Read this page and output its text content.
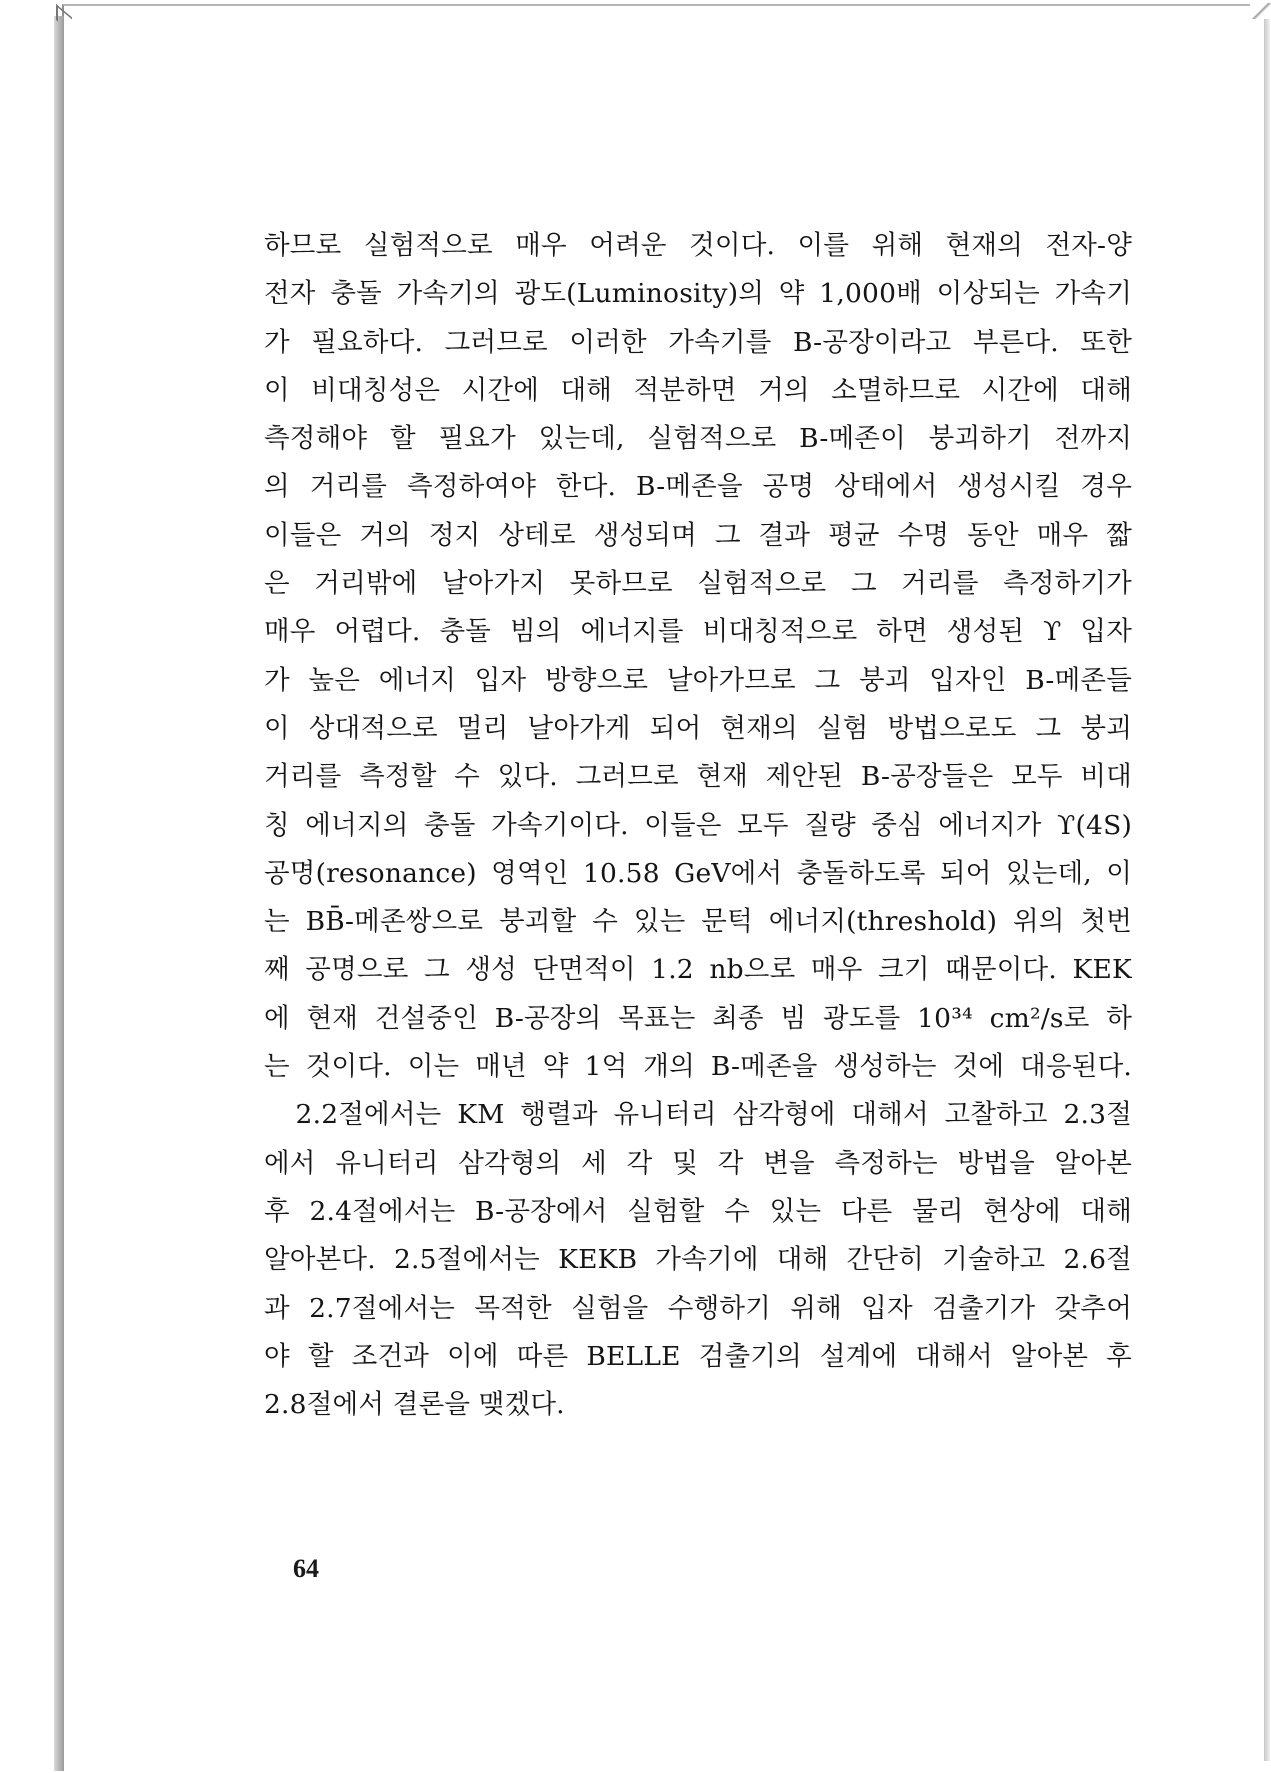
하므로 실험적으로 매우 어려운 것이다. 이를 위해 현재의 전자-양
전자 충돌 가속기의 광도(Luminosity)의 약 1,000배 이상되는 가속기
가 필요하다. 그러므로 이러한 가속기를 B-공장이라고 부른다. 또한
이 비대칭성은 시간에 대해 적분하면 거의 소멸하므로 시간에 대해
측정해야 할 필요가 있는데, 실험적으로 B-메존이 붕괴하기 전까지
의 거리를 측정하여야 한다. B-메존을 공명 상태에서 생성시킬 경우
이들은 거의 정지 상테로 생성되며 그 결과 평균 수명 동안 매우 짧
은 거리밖에 날아가지 못하므로 실험적으로 그 거리를 측정하기가
매우 어렵다. 충돌 빔의 에너지를 비대칭적으로 하면 생성된 ϒ 입자
가 높은 에너지 입자 방향으로 날아가므로 그 붕괴 입자인 B-메존들
이 상대적으로 멀리 날아가게 되어 현재의 실험 방법으로도 그 붕괴
거리를 측정할 수 있다. 그러므로 현재 제안된 B-공장들은 모두 비대
칭 에너지의 충돌 가속기이다. 이들은 모두 질량 중심 에너지가 ϒ(4S)
공명(resonance) 영역인 10.58 GeV에서 충돌하도록 되어 있는데, 이
는 BB̄-메존쌍으로 붕괴할 수 있는 문턱 에너지(threshold) 위의 첫번
째 공명으로 그 생성 단면적이 1.2 nb으로 매우 크기 때문이다. KEK
에 현재 건설중인 B-공장의 목표는 최종 빔 광도를 10³⁴ cm²/s로 하
는 것이다. 이는 매년 약 1억 개의 B-메존을 생성하는 것에 대응된다.
2.2절에서는 KM 행렬과 유니터리 삼각형에 대해서 고찰하고 2.3절
에서 유니터리 삼각형의 세 각 및 각 변을 측정하는 방법을 알아본
후 2.4절에서는 B-공장에서 실험할 수 있는 다른 물리 현상에 대해
알아본다. 2.5절에서는 KEKB 가속기에 대해 간단히 기술하고 2.6절
과 2.7절에서는 목적한 실험을 수행하기 위해 입자 검출기가 갖추어
야 할 조건과 이에 따른 BELLE 검출기의 설계에 대해서 알아본 후
2.8절에서 결론을 맺겠다.
64
